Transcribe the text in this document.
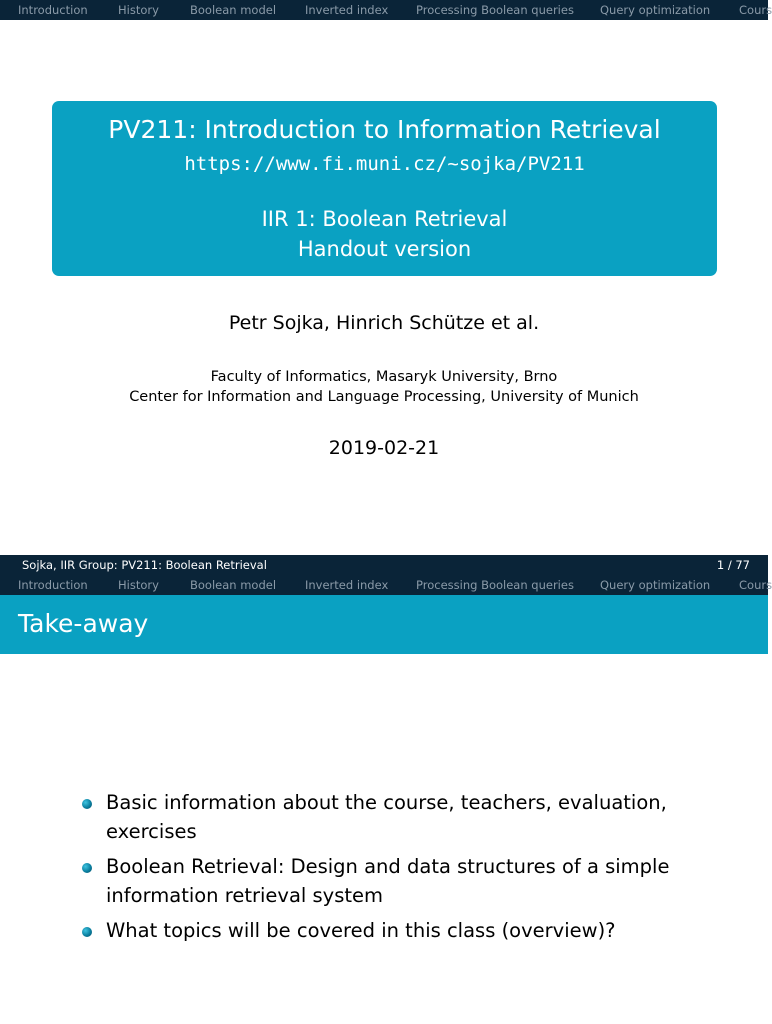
Introduction	History	Boolean model	Inverted index Processing Boolean queries Query optimization	Cours
PV211: Introduction to Information Retrieval
https://www.fi.muni.cz/~sojka/PV211
IIR 1: Boolean Retrieval
Handout version
Petr Sojka, Hinrich Schütze et al.
Faculty of Informatics, Masaryk University, Brno
Center for Information and Language Processing, University of Munich
2019-02-21
Sojka, IIR Group: PV211: Boolean Retrieval	1 / 77
Introduction	History	Boolean model	Inverted index Processing Boolean queries Query optimization	Cours
Take-away
Basic information about the course, teachers, evaluation, exercises
Boolean Retrieval: Design and data structures of a simple information retrieval system
What topics will be covered in this class (overview)?
